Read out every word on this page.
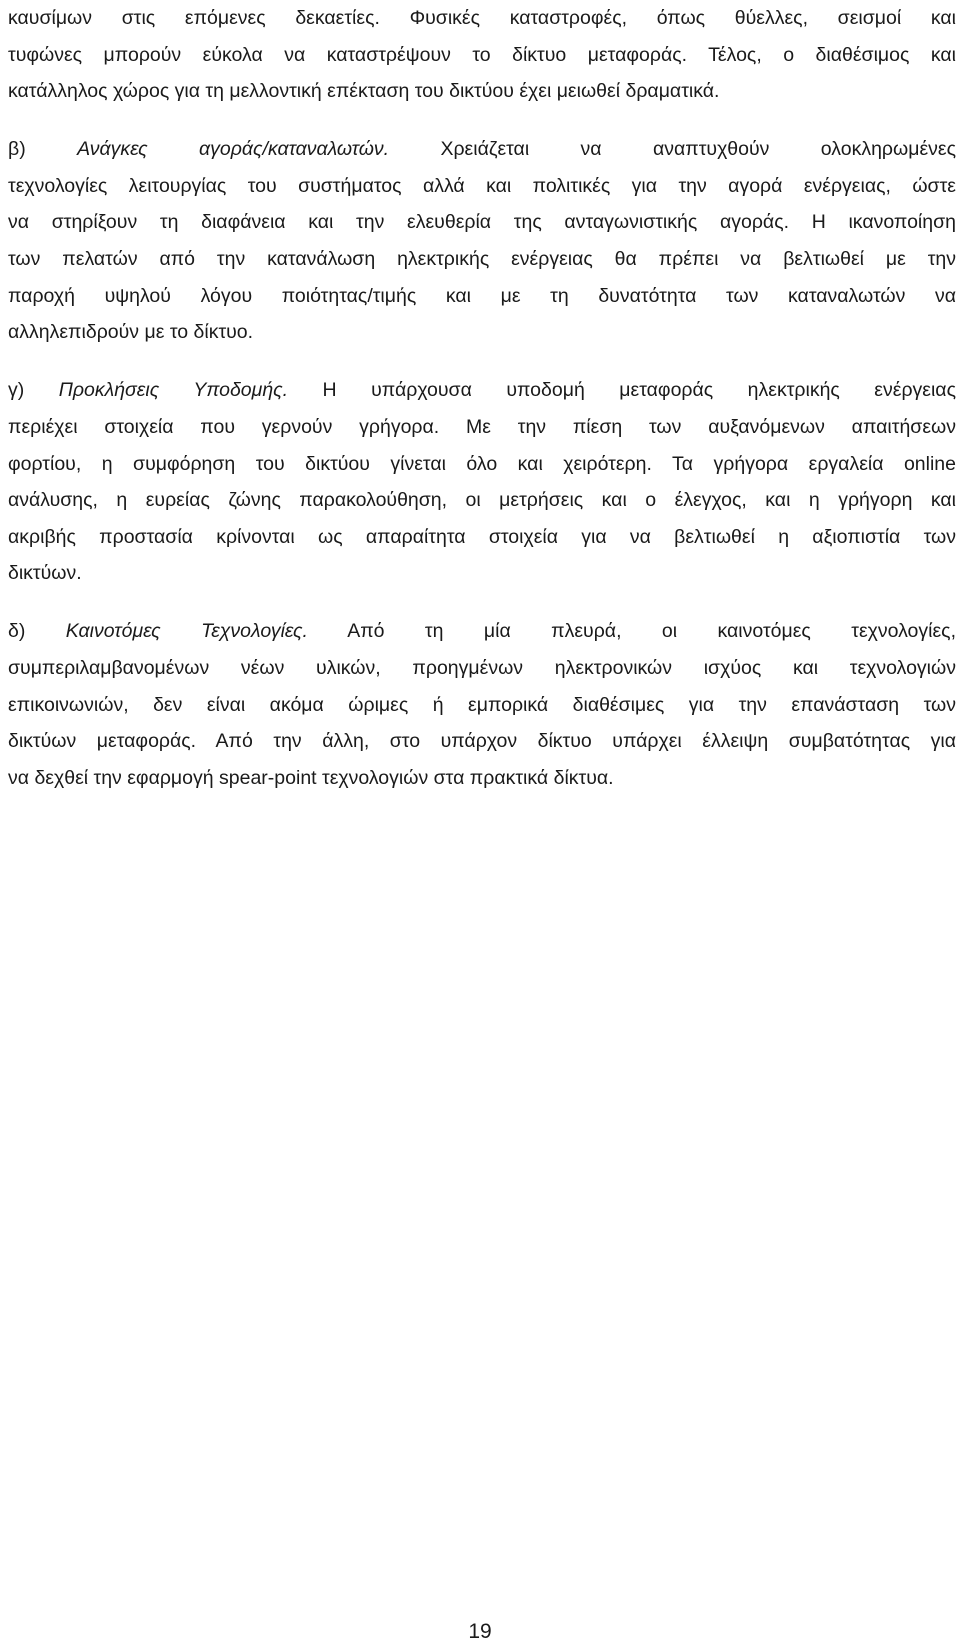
καυσίμων στις επόμενες δεκαετίες. Φυσικές καταστροφές, όπως θύελλες, σεισμοί και
τυφώνες μπορούν εύκολα να καταστρέψουν το δίκτυο μεταφοράς. Τέλος, ο διαθέσιμος και
κατάλληλος χώρος για τη μελλοντική επέκταση του δικτύου έχει μειωθεί δραματικά.
β) Ανάγκες αγοράς/καταναλωτών. Χρειάζεται να αναπτυχθούν ολοκληρωμένες
τεχνολογίες λειτουργίας του συστήματος αλλά και πολιτικές για την αγορά ενέργειας, ώστε
να στηρίξουν τη διαφάνεια και την ελευθερία της ανταγωνιστικής αγοράς. Η ικανοποίηση
των πελατών από την κατανάλωση ηλεκτρικής ενέργειας θα πρέπει να βελτιωθεί με την
παροχή υψηλού λόγου ποιότητας/τιμής και με τη δυνατότητα των καταναλωτών να
αλληλεπιδρούν με το δίκτυο.
γ) Προκλήσεις Υποδομής. Η υπάρχουσα υποδομή μεταφοράς ηλεκτρικής ενέργειας
περιέχει στοιχεία που γερνούν γρήγορα. Με την πίεση των αυξανόμενων απαιτήσεων
φορτίου, η συμφόρηση του δικτύου γίνεται όλο και χειρότερη. Τα γρήγορα εργαλεία online
ανάλυσης, η ευρείας ζώνης παρακολούθηση, οι μετρήσεις και ο έλεγχος, και η γρήγορη και
ακριβής προστασία κρίνονται ως απαραίτητα στοιχεία για να βελτιωθεί η αξιοπιστία των
δικτύων.
δ) Καινοτόμες Τεχνολογίες. Από τη μία πλευρά, οι καινοτόμες τεχνολογίες,
συμπεριλαμβανομένων νέων υλικών, προηγμένων ηλεκτρονικών ισχύος και τεχνολογιών
επικοινωνιών, δεν είναι ακόμα ώριμες ή εμπορικά διαθέσιμες για την επανάσταση των
δικτύων μεταφοράς. Από την άλλη, στο υπάρχον δίκτυο υπάρχει έλλειψη συμβατότητας για
να δεχθεί την εφαρμογή spear-point τεχνολογιών στα πρακτικά δίκτυα.
19
